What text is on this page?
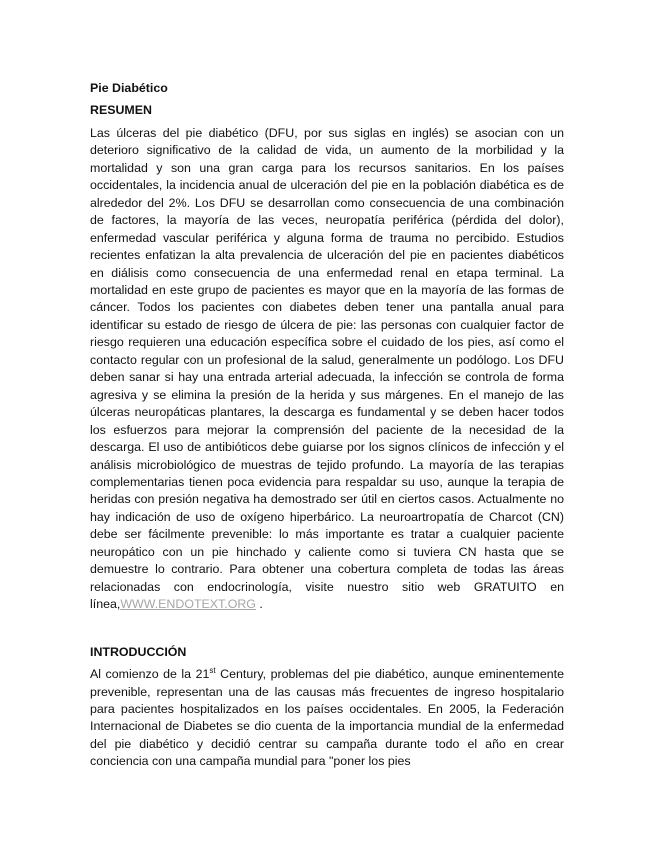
Pie Diabético
RESUMEN

Las úlceras del pie diabético (DFU, por sus siglas en inglés) se asocian con un deterioro significativo de la calidad de vida, un aumento de la morbilidad y la mortalidad y son una gran carga para los recursos sanitarios. En los países occidentales, la incidencia anual de ulceración del pie en la población diabética es de alrededor del 2%. Los DFU se desarrollan como consecuencia de una combinación de factores, la mayoría de las veces, neuropatía periférica (pérdida del dolor), enfermedad vascular periférica y alguna forma de trauma no percibido. Estudios recientes enfatizan la alta prevalencia de ulceración del pie en pacientes diabéticos en diálisis como consecuencia de una enfermedad renal en etapa terminal. La mortalidad en este grupo de pacientes es mayor que en la mayoría de las formas de cáncer. Todos los pacientes con diabetes deben tener una pantalla anual para identificar su estado de riesgo de úlcera de pie: las personas con cualquier factor de riesgo requieren una educación específica sobre el cuidado de los pies, así como el contacto regular con un profesional de la salud, generalmente un podólogo. Los DFU deben sanar si hay una entrada arterial adecuada, la infección se controla de forma agresiva y se elimina la presión de la herida y sus márgenes. En el manejo de las úlceras neuropáticas plantares, la descarga es fundamental y se deben hacer todos los esfuerzos para mejorar la comprensión del paciente de la necesidad de la descarga. El uso de antibióticos debe guiarse por los signos clínicos de infección y el análisis microbiológico de muestras de tejido profundo. La mayoría de las terapias complementarias tienen poca evidencia para respaldar su uso, aunque la terapia de heridas con presión negativa ha demostrado ser útil en ciertos casos. Actualmente no hay indicación de uso de oxígeno hiperbárico. La neuroartropatía de Charcot (CN) debe ser fácilmente prevenible: lo más importante es tratar a cualquier paciente neuropático con un pie hinchado y caliente como si tuviera CN hasta que se demuestre lo contrario. Para obtener una cobertura completa de todas las áreas relacionadas con endocrinología, visite nuestro sitio web GRATUITO en línea,WWW.ENDOTEXT.ORG .

INTRODUCCIÓN

Al comienzo de la 21st Century, problemas del pie diabético, aunque eminentemente prevenible, representan una de las causas más frecuentes de ingreso hospitalario para pacientes hospitalizados en los países occidentales. En 2005, la Federación Internacional de Diabetes se dio cuenta de la importancia mundial de la enfermedad del pie diabético y decidió centrar su campaña durante todo el año en crear conciencia con una campaña mundial para "poner los pies
